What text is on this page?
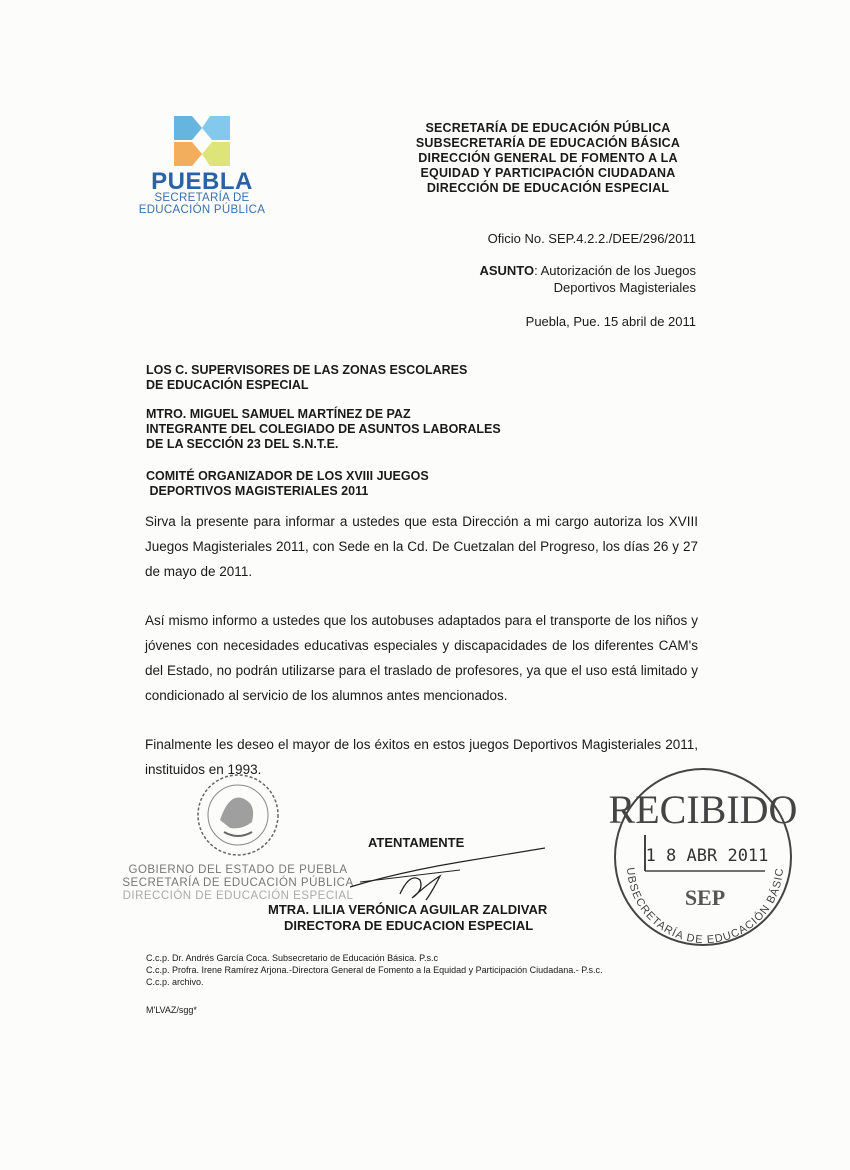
PUEBLA
SECRETARÍA DE
EDUCACIÓN PÚBLICA
SECRETARÍA DE EDUCACIÓN PÚBLICA
SUBSECRETARÍA DE EDUCACIÓN BÁSICA
DIRECCIÓN GENERAL DE FOMENTO A LA
EQUIDAD Y PARTICIPACIÓN CIUDADANA
DIRECCIÓN DE EDUCACIÓN ESPECIAL
Oficio No. SEP.4.2.2./DEE/296/2011
ASUNTO: Autorización de los Juegos
Deportivos Magisteriales
Puebla, Pue. 15 abril de 2011
LOS C. SUPERVISORES DE LAS ZONAS ESCOLARES
DE EDUCACIÓN ESPECIAL
MTRO. MIGUEL SAMUEL MARTÍNEZ DE PAZ
INTEGRANTE DEL COLEGIADO DE ASUNTOS LABORALES
DE LA SECCIÓN 23 DEL S.N.T.E.
COMITÉ ORGANIZADOR DE LOS XVIII JUEGOS
DEPORTIVOS MAGISTERIALES 2011
Sirva la presente para informar a ustedes que esta Dirección a mi cargo autoriza los XVIII Juegos Magisteriales 2011, con Sede en la Cd. De Cuetzalan del Progreso, los días 26 y 27 de mayo de 2011.
Así mismo informo a ustedes que los autobuses adaptados para el transporte de los niños y jóvenes con necesidades educativas especiales y discapacidades de los diferentes CAM's del Estado, no podrán utilizarse para el traslado de profesores, ya que el uso está limitado y condicionado al servicio de los alumnos antes mencionados.
Finalmente les deseo el mayor de los éxitos en estos juegos Deportivos Magisteriales 2011, instituidos en 1993.
GOBIERNO DEL ESTADO DE PUEBLA
SECRETARÍA DE EDUCACIÓN PÚBLICA
DIRECCIÓN DE EDUCACIÓN ESPECIAL
ATENTAMENTE
MTRA. LILIA VERÓNICA AGUILAR ZALDIVAR
DIRECTORA DE EDUCACION ESPECIAL
RECIBIDO
1 8 ABR 2011
SEP
UBSECRETARÍA DE EDUCACIÓN BÁSIC
C.c.p. Dr. Andrés García Coca. Subsecretario de Educación Básica. P.s.c
C.c.p. Profra. Irene Ramírez Arjona.-Directora General de Fomento a la Equidad y Participación Ciudadana.- P.s.c.
C.c.p. archivo.
M'LVAZ/sgg*
